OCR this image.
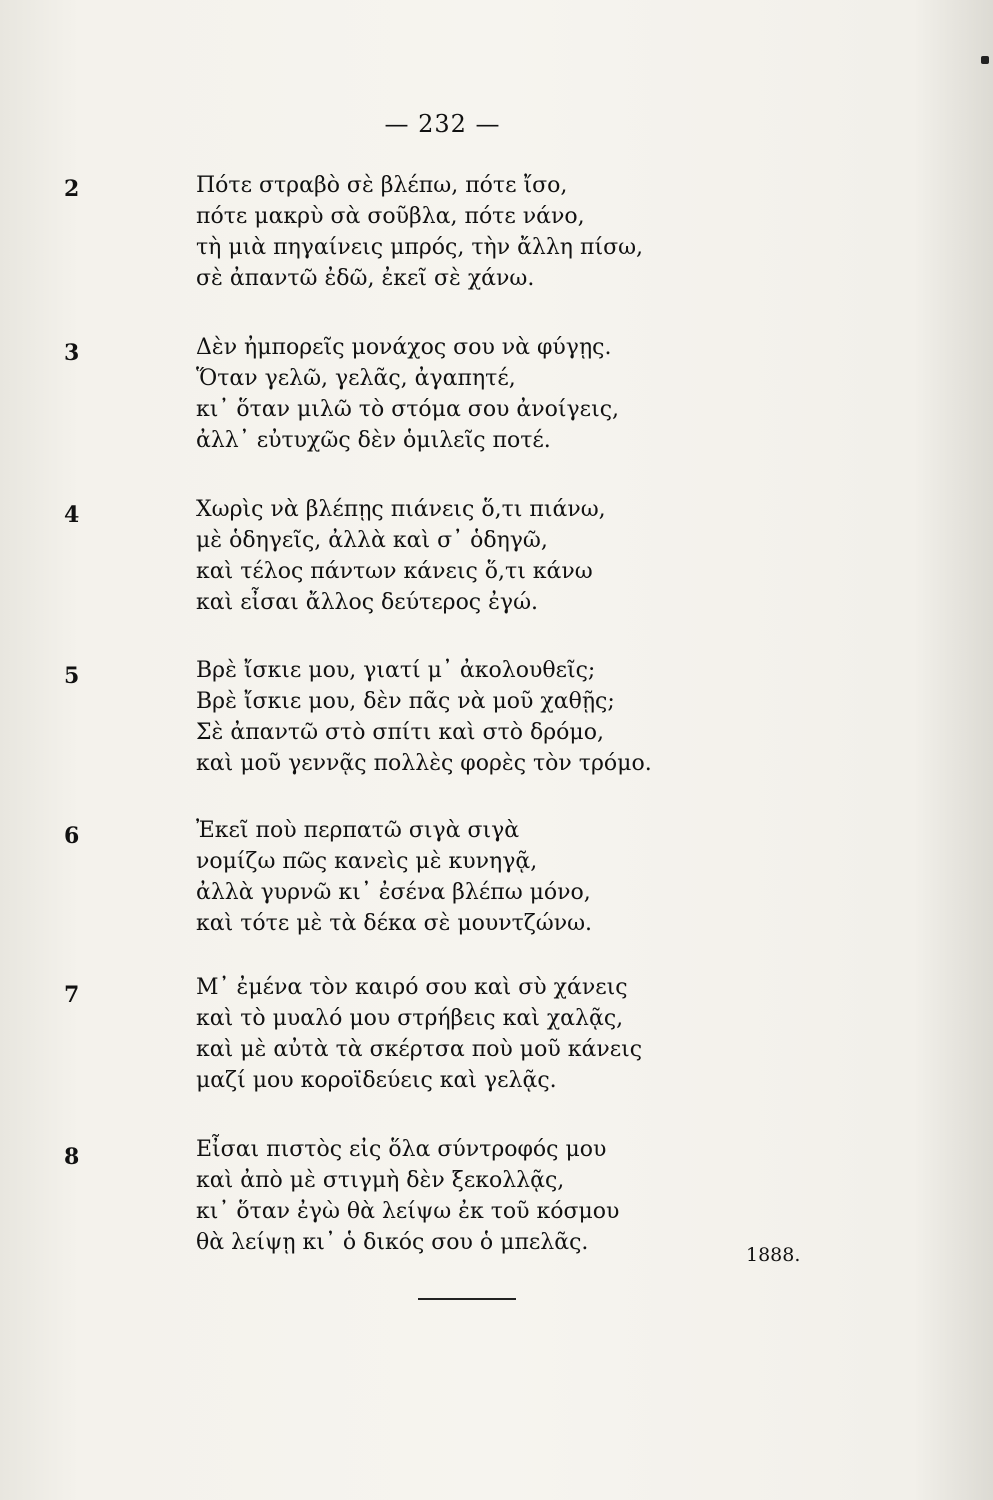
— 232 —
2	Πότε στραβὸ σὲ βλέπω, πότε ἴσο,
πότε μακρὺ σὰ σοῦβλα, πότε νάνο,
τὴ μιὰ πηγαίνεις μπρός, τὴν ἄλλη πίσω,
σὲ ἀπαντῶ ἐδῶ, ἐκεῖ σὲ χάνω.
3	Δὲν ἠμπορεῖς μονάχος σου νὰ φύγῃς.
Ὅταν γελῶ, γελᾶς, ἀγαπητέ,
κι᾿ ὅταν μιλῶ τὸ στόμα σου ἀνοίγεις,
ἀλλ᾿ εὐτυχῶς δὲν ὁμιλεῖς ποτέ.
4	Χωρὶς νὰ βλέπῃς πιάνεις ὅ,τι πιάνω,
μὲ ὁδηγεῖς, ἀλλὰ καὶ σ᾿ ὁδηγῶ,
καὶ τέλος πάντων κάνεις ὅ,τι κάνω
καὶ εἶσαι ἄλλος δεύτερος ἐγώ.
5	Βρὲ ἴσκιε μου, γιατί μ᾿ ἀκολουθεῖς;
Βρὲ ἴσκιε μου, δὲν πᾶς νὰ μοῦ χαθῇς;
Σὲ ἀπαντῶ στὸ σπίτι καὶ στὸ δρόμο,
καὶ μοῦ γεννᾷς πολλὲς φορὲς τὸν τρόμο.
6	Ἐκεῖ ποὺ περπατῶ σιγὰ σιγὰ
νομίζω πῶς κανεὶς μὲ κυνηγᾷ,
ἀλλὰ γυρνῶ κι᾿ ἐσένα βλέπω μόνο,
καὶ τότε μὲ τὰ δέκα σὲ μουντζώνω.
7	Μ᾿ ἐμένα τὸν καιρό σου καὶ σὺ χάνεις
καὶ τὸ μυαλό μου στρήβεις καὶ χαλᾷς,
καὶ μὲ αὐτὰ τὰ σκέρτσα ποὺ μοῦ κάνεις
μαζί μου κοροϊδεύεις καὶ γελᾷς.
8	Εἶσαι πιστὸς εἰς ὅλα σύντροφός μου
καὶ ἀπὸ μὲ στιγμὴ δὲν ξεκολλᾷς,
κι᾿ ὅταν ἐγὼ θὰ λείψω ἐκ τοῦ κόσμου
θὰ λείψῃ κι᾿ ὁ δικός σου ὁ μπελᾶς.	1888.
